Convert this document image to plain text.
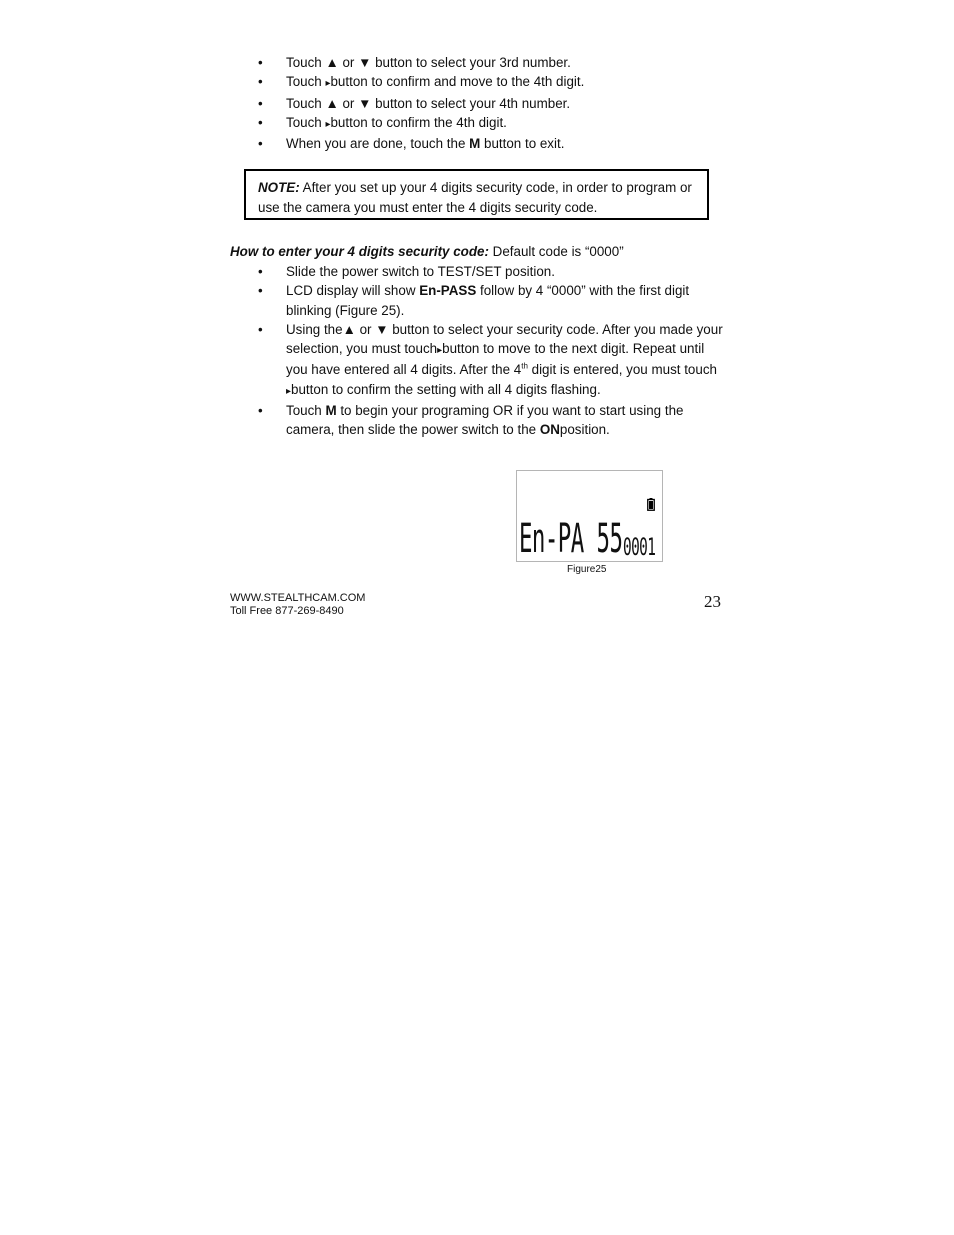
• Touch ▲ or ▼ button to select your 3rd number.
• Touch ▸button to confirm and move to the 4th digit.
• Touch ▲ or ▼ button to select your 4th number.
• Touch ▸button to confirm the 4th digit.
• When you are done, touch the M button to exit.
NOTE: After you set up your 4 digits security code, in order to program or use the camera you must enter the 4 digits security code.
How to enter your 4 digits security code: Default code is “0000”
• Slide the power switch to TEST/SET position.
• LCD display will show En-PASS follow by 4 “0000” with the first digit blinking (Figure 25).
• Using the▲ or ▼ button to select your security code. After you made your selection, you must touch▸button to move to the next digit. Repeat until you have entered all 4 digits. After the 4th digit is entered, you must touch ▸button to confirm the setting with all 4 digits flashing.
• Touch M to begin your programing OR if you want to start using the camera, then slide the power switch to the ONposition.
En-PA 55 0001
Figure25
WWW.STEALTHCAM.COM
Toll Free 877-269-8490	23
